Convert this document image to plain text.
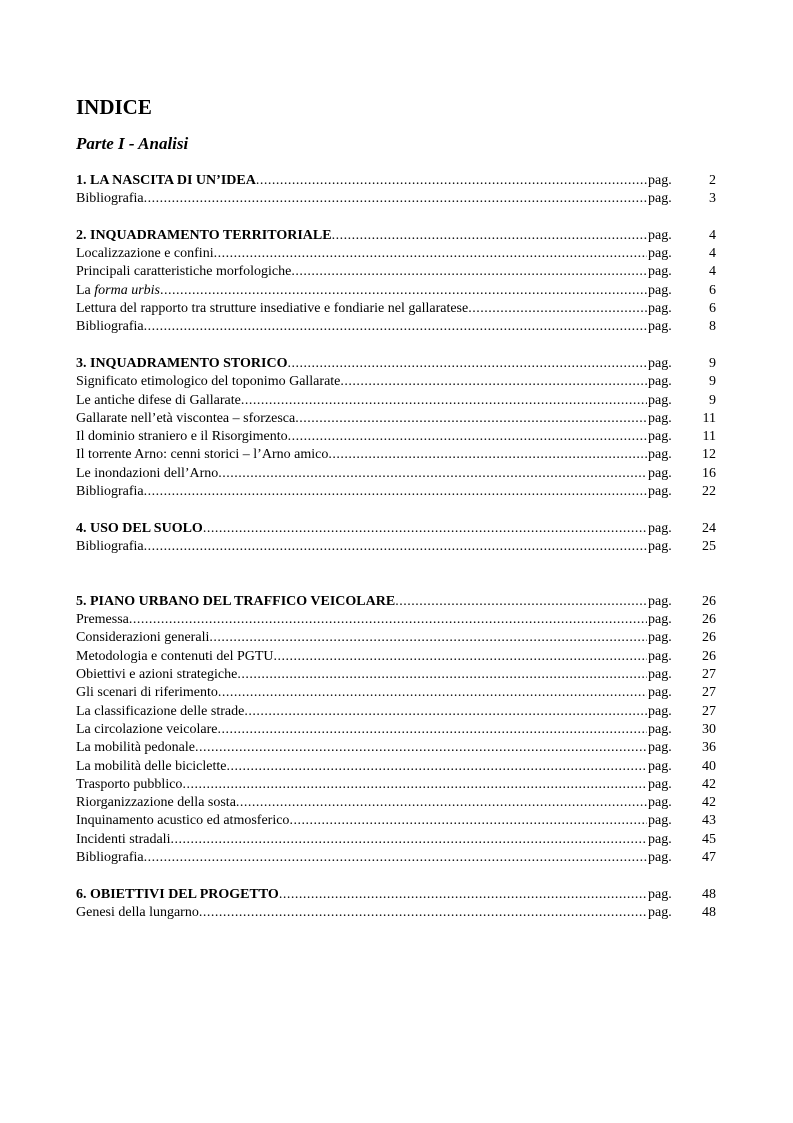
INDICE
Parte I - Analisi
1. LA NASCITA DI UN’IDEA .....	pag.	2
Bibliografia .....	pag.	3
2. INQUADRAMENTO TERRITORIALE .....	pag.	4
Localizzazione e confini .....	pag.	4
Principali caratteristiche morfologiche .....	pag.	4
La forma urbis .....	pag.	6
Lettura del rapporto tra strutture insediative e fondiarie nel gallaratese .....	pag.	6
Bibliografia .....	pag.	8
3. INQUADRAMENTO STORICO .....	pag.	9
Significato etimologico del toponimo Gallarate .....	pag.	9
Le antiche difese di Gallarate .....	pag.	9
Gallarate nell’età viscontea – sforzesca .....	pag.	11
Il dominio straniero e il Risorgimento .....	pag.	11
Il torrente Arno: cenni storici – l’Arno amico .....	pag.	12
Le inondazioni dell’Arno .....	pag.	16
Bibliografia .....	pag.	22
4. USO DEL SUOLO .....	pag.	24
Bibliografia .....	pag.	25
5. PIANO URBANO DEL TRAFFICO VEICOLARE .....	pag.	26
Premessa .....	pag.	26
Considerazioni generali .....	pag.	26
Metodologia e contenuti del PGTU .....	pag.	26
Obiettivi e azioni strategiche .....	pag.	27
Gli scenari di riferimento .....	pag.	27
La classificazione delle strade .....	pag.	27
La circolazione veicolare .....	pag.	30
La mobilità pedonale .....	pag.	36
La mobilità delle biciclette .....	pag.	40
Trasporto pubblico .....	pag.	42
Riorganizzazione della sosta .....	pag.	42
Inquinamento acustico ed atmosferico .....	pag.	43
Incidenti stradali .....	pag.	45
Bibliografia .....	pag.	47
6. OBIETTIVI DEL PROGETTO .....	pag.	48
Genesi della lungarno .....	pag.	48
